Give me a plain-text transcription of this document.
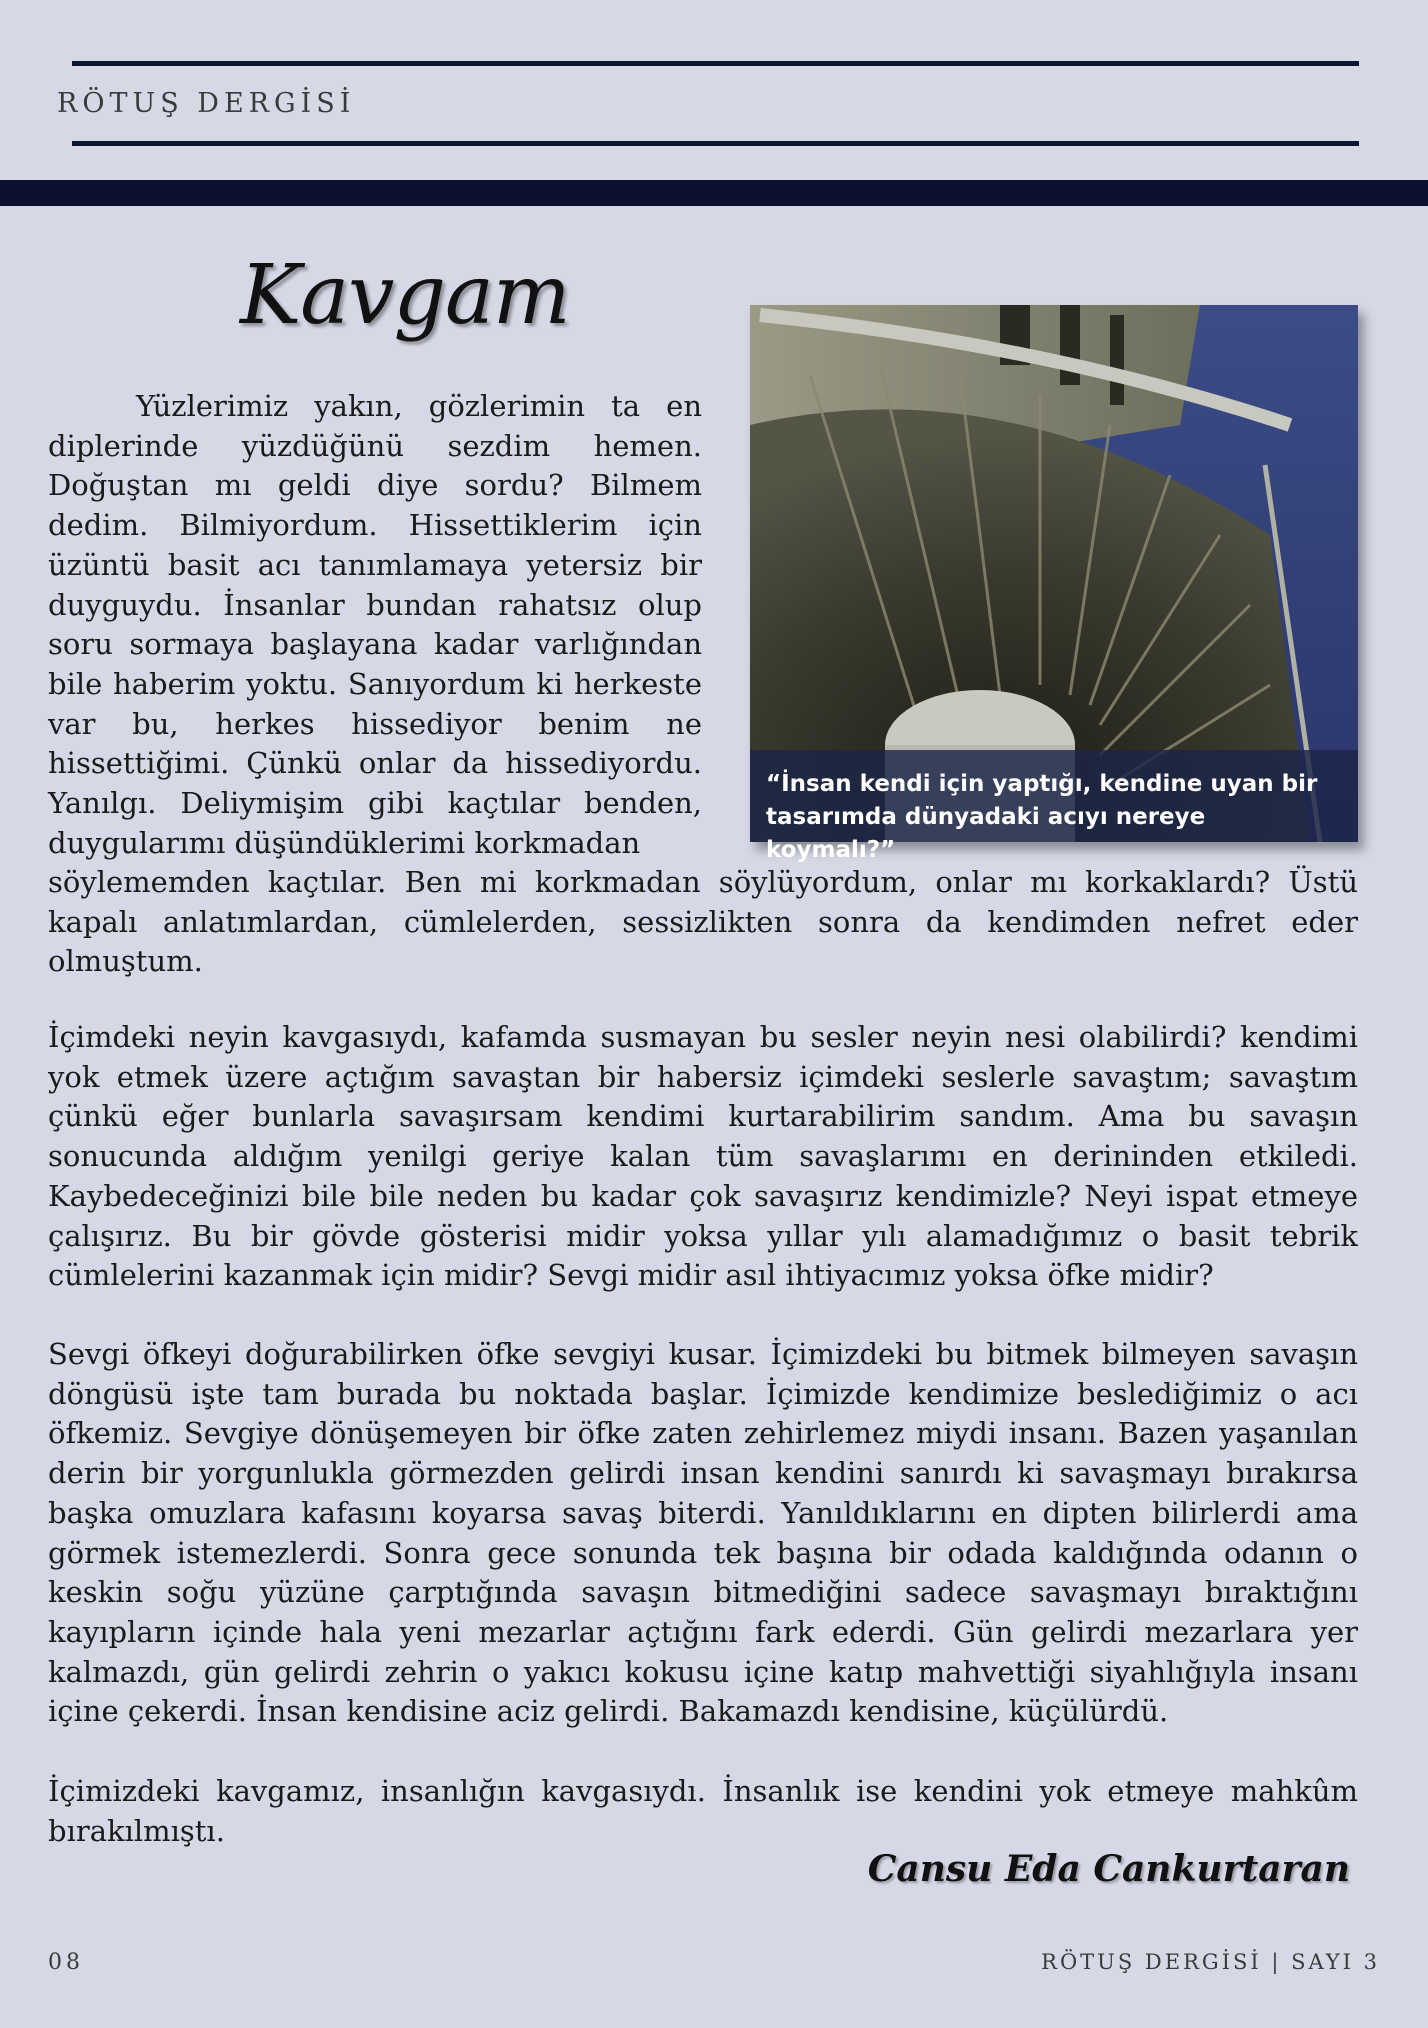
RÖTUŞ DERGİSİ
Kavgam
“İnsan kendi için yaptığı, kendine uyan bir tasarımda dünyadaki acıyı nereye koymalı?”
Yüzlerimiz yakın, gözlerimin ta en
diplerinde yüzdüğünü sezdim hemen.
Doğuştan mı geldi diye sordu? Bilmem
dedim. Bilmiyordum. Hissettiklerim için
üzüntü basit acı tanımlamaya yetersiz bir
duyguydu. İnsanlar bundan rahatsız olup
soru sormaya başlayana kadar varlığından
bile haberim yoktu. Sanıyordum ki herkeste
var bu, herkes hissediyor benim ne
hissettiğimi. Çünkü onlar da hissediyordu.
Yanılgı. Deliymişim gibi kaçtılar benden,
duygularımı düşündüklerimi korkmadan
söylememden kaçtılar. Ben mi korkmadan söylüyordum, onlar mı korkaklardı? Üstü kapalı anlatımlardan, cümlelerden, sessizlikten sonra da kendimden nefret eder olmuştum.
İçimdeki neyin kavgasıydı, kafamda susmayan bu sesler neyin nesi olabilirdi? kendimi yok etmek üzere açtığım savaştan bir habersiz içimdeki seslerle savaştım; savaştım çünkü eğer bunlarla savaşırsam kendimi kurtarabilirim sandım. Ama bu savaşın sonucunda aldığım yenilgi geriye kalan tüm savaşlarımı en derininden etkiledi. Kaybedeceğinizi bile bile neden bu kadar çok savaşırız kendimizle? Neyi ispat etmeye çalışırız. Bu bir gövde gösterisi midir yoksa yıllar yılı alamadığımız o basit tebrik cümlelerini kazanmak için midir? Sevgi midir asıl ihtiyacımız yoksa öfke midir?
Sevgi öfkeyi doğurabilirken öfke sevgiyi kusar. İçimizdeki bu bitmek bilmeyen savaşın döngüsü işte tam burada bu noktada başlar. İçimizde kendimize beslediğimiz o acı öfkemiz. Sevgiye dönüşemeyen bir öfke zaten zehirlemez miydi insanı. Bazen yaşanılan derin bir yorgunlukla görmezden gelirdi insan kendini sanırdı ki savaşmayı bırakırsa başka omuzlara kafasını koyarsa savaş biterdi. Yanıldıklarını en dipten bilirlerdi ama görmek istemezlerdi. Sonra gece sonunda tek başına bir odada kaldığında odanın o keskin soğu yüzüne çarptığında savaşın bitmediğini sadece savaşmayı bıraktığını kayıpların içinde hala yeni mezarlar açtığını fark ederdi. Gün gelirdi mezarlara yer kalmazdı, gün gelirdi zehrin o yakıcı kokusu içine katıp mahvettiği siyahlığıyla insanı içine çekerdi. İnsan kendisine aciz gelirdi. Bakamazdı kendisine, küçülürdü.
İçimizdeki kavgamız, insanlığın kavgasıydı. İnsanlık ise kendini yok etmeye mahkûm bırakılmıştı.
Cansu Eda Cankurtaran
08	RÖTUŞ DERGİSİ | SAYI 3
